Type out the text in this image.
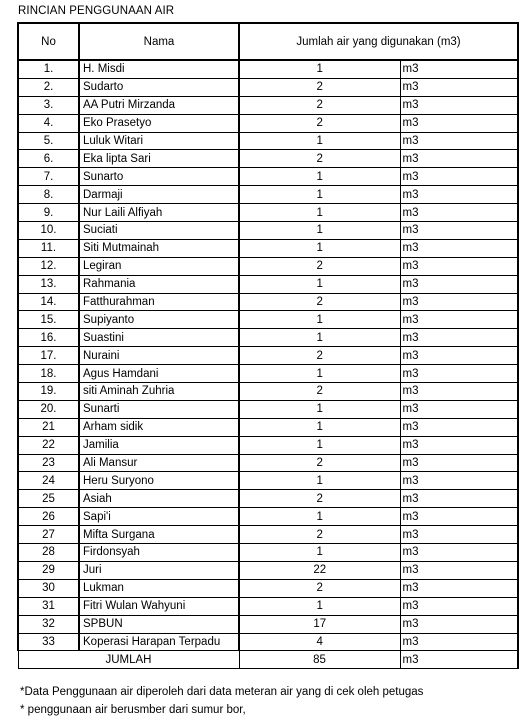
RINCIAN PENGGUNAAN AIR
No	Nama	Jumlah air yang digunakan (m3)	
1.	H. Misdi	1	m3
2.	Sudarto	2	m3
3.	AA Putri Mirzanda	2	m3
4.	Eko Prasetyo	2	m3
5.	Luluk Witari	1	m3
6.	Eka lipta Sari	2	m3
7.	Sunarto	1	m3
8.	Darmaji	1	m3
9.	Nur Laili Alfiyah	1	m3
10.	Suciati	1	m3
11.	Siti Mutmainah	1	m3
12.	Legiran	2	m3
13.	Rahmania	1	m3
14.	Fatthurahman	2	m3
15.	Supiyanto	1	m3
16.	Suastini	1	m3
17.	Nuraini	2	m3
18.	Agus Hamdani	1	m3
19.	siti Aminah Zuhria	2	m3
20.	Sunarti	1	m3
21	Arham sidik	1	m3
22	Jamilia	1	m3
23	Ali Mansur	2	m3
24	Heru Suryono	1	m3
25	Asiah	2	m3
26	Sapi'i	1	m3
27	Mifta Surgana	2	m3
28	Firdonsyah	1	m3
29	Juri	22	m3
30	Lukman	2	m3
31	Fitri Wulan Wahyuni	1	m3
32	SPBUN	17	m3
33	Koperasi Harapan Terpadu	4	m3
JUMLAH		85	m3
*Data Penggunaan air diperoleh dari data meteran air yang di cek oleh petugas
* penggunaan air berusmber dari sumur bor,
